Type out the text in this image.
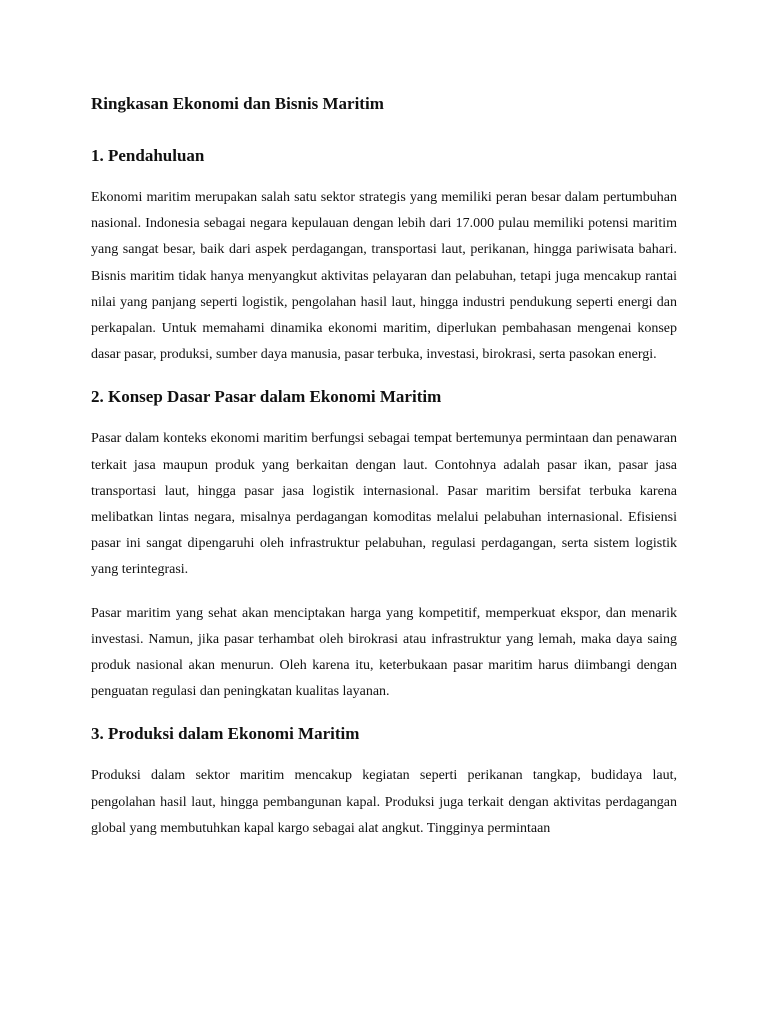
Ringkasan Ekonomi dan Bisnis Maritim
1. Pendahuluan

Ekonomi maritim merupakan salah satu sektor strategis yang memiliki peran besar dalam pertumbuhan nasional. Indonesia sebagai negara kepulauan dengan lebih dari 17.000 pulau memiliki potensi maritim yang sangat besar, baik dari aspek perdagangan, transportasi laut, perikanan, hingga pariwisata bahari. Bisnis maritim tidak hanya menyangkut aktivitas pelayaran dan pelabuhan, tetapi juga mencakup rantai nilai yang panjang seperti logistik, pengolahan hasil laut, hingga industri pendukung seperti energi dan perkapalan. Untuk memahami dinamika ekonomi maritim, diperlukan pembahasan mengenai konsep dasar pasar, produksi, sumber daya manusia, pasar terbuka, investasi, birokrasi, serta pasokan energi.

2. Konsep Dasar Pasar dalam Ekonomi Maritim

Pasar dalam konteks ekonomi maritim berfungsi sebagai tempat bertemunya permintaan dan penawaran terkait jasa maupun produk yang berkaitan dengan laut. Contohnya adalah pasar ikan, pasar jasa transportasi laut, hingga pasar jasa logistik internasional. Pasar maritim bersifat terbuka karena melibatkan lintas negara, misalnya perdagangan komoditas melalui pelabuhan internasional. Efisiensi pasar ini sangat dipengaruhi oleh infrastruktur pelabuhan, regulasi perdagangan, serta sistem logistik yang terintegrasi.

Pasar maritim yang sehat akan menciptakan harga yang kompetitif, memperkuat ekspor, dan menarik investasi. Namun, jika pasar terhambat oleh birokrasi atau infrastruktur yang lemah, maka daya saing produk nasional akan menurun. Oleh karena itu, keterbukaan pasar maritim harus diimbangi dengan penguatan regulasi dan peningkatan kualitas layanan.

3. Produksi dalam Ekonomi Maritim

Produksi dalam sektor maritim mencakup kegiatan seperti perikanan tangkap, budidaya laut, pengolahan hasil laut, hingga pembangunan kapal. Produksi juga terkait dengan aktivitas perdagangan global yang membutuhkan kapal kargo sebagai alat angkut. Tingginya permintaan
